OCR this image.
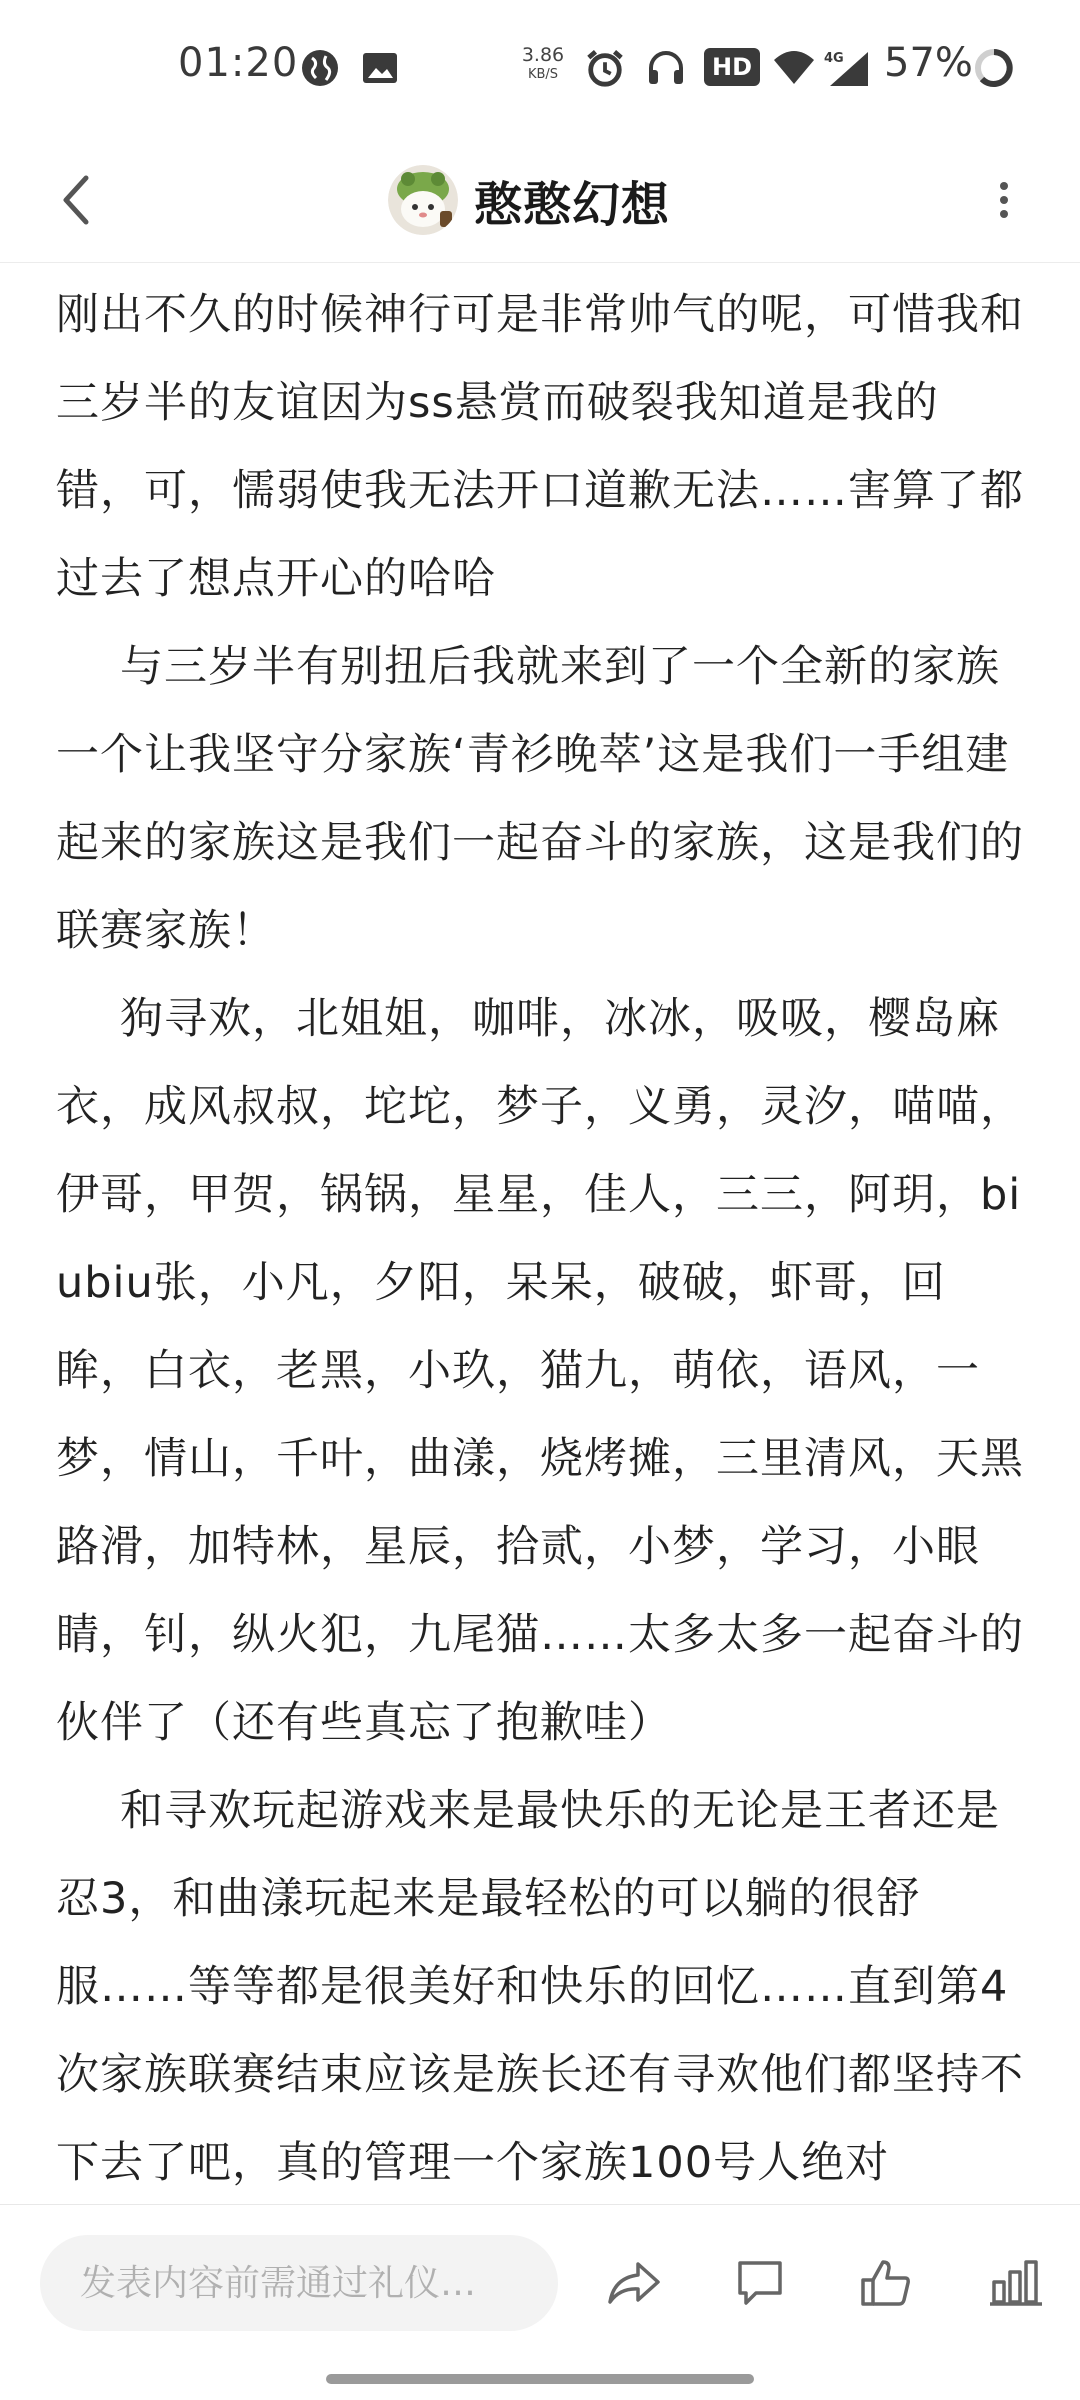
01:20	3.86
KB/S	HD	4G 57%
憨憨幻想

刚出不久的时候神行可是非常帅气的呢，可惜我和三岁半的友谊因为ss悬赏而破裂我知道是我的错，可，懦弱使我无法开口道歉无法……害算了都过去了想点开心的哈哈

与三岁半有别扭后我就来到了一个全新的家族一个让我坚守分家族‘青衫晚萃’这是我们一手组建起来的家族这是我们一起奋斗的家族，这是我们的联赛家族！

狗寻欢，北姐姐，咖啡，冰冰，吸吸，樱岛麻衣，成风叔叔，坨坨，梦子，义勇，灵汐，喵喵，伊哥，甲贺，锅锅，星星，佳人，三三，阿玥，biubiu张，小凡，夕阳，呆呆，破破，虾哥，回眸，白衣，老黑，小玖，猫九，萌依，语风，一梦，情山，千叶，曲漾，烧烤摊，三里清风，天黑路滑，加特林，星辰，拾贰，小梦，学习，小眼睛，钊，纵火犯，九尾猫……太多太多一起奋斗的伙伴了（还有些真忘了抱歉哇）

和寻欢玩起游戏来是最快乐的无论是王者还是忍3，和曲漾玩起来是最轻松的可以躺的很舒服……等等都是很美好和快乐的回忆……直到第4次家族联赛结束应该是族长还有寻欢他们都坚持不下去了吧，真的管理一个家族100号人绝对

发表内容前需通过礼仪…
